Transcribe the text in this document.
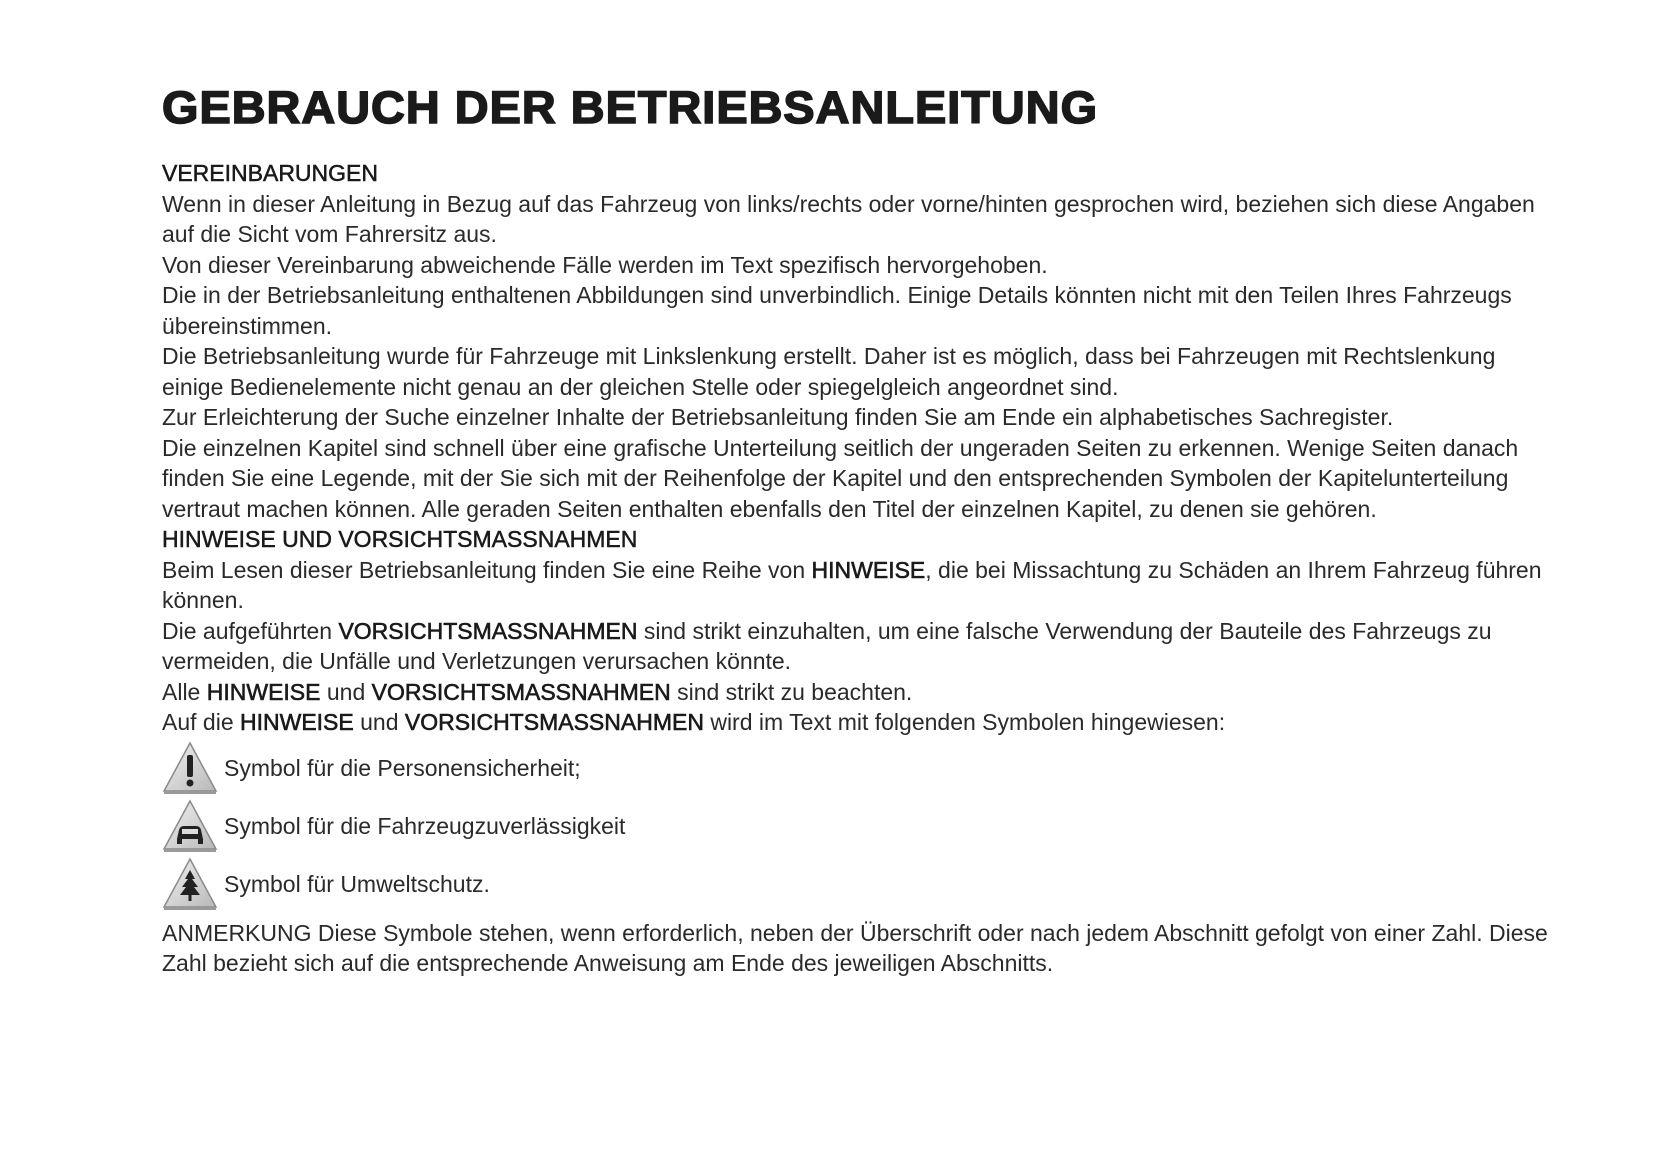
GEBRAUCH DER BETRIEBSANLEITUNG
VEREINBARUNGEN

Wenn in dieser Anleitung in Bezug auf das Fahrzeug von links/rechts oder vorne/hinten gesprochen wird, beziehen sich diese Angaben auf die Sicht vom Fahrersitz aus.

Von dieser Vereinbarung abweichende Fälle werden im Text spezifisch hervorgehoben.

Die in der Betriebsanleitung enthaltenen Abbildungen sind unverbindlich. Einige Details könnten nicht mit den Teilen Ihres Fahrzeugs übereinstimmen.

Die Betriebsanleitung wurde für Fahrzeuge mit Linkslenkung erstellt. Daher ist es möglich, dass bei Fahrzeugen mit Rechtslenkung einige Bedienelemente nicht genau an der gleichen Stelle oder spiegelgleich angeordnet sind.

Zur Erleichterung der Suche einzelner Inhalte der Betriebsanleitung finden Sie am Ende ein alphabetisches Sachregister.

Die einzelnen Kapitel sind schnell über eine grafische Unterteilung seitlich der ungeraden Seiten zu erkennen. Wenige Seiten danach finden Sie eine Legende, mit der Sie sich mit der Reihenfolge der Kapitel und den entsprechenden Symbolen der Kapitelunterteilung vertraut machen können. Alle geraden Seiten enthalten ebenfalls den Titel der einzelnen Kapitel, zu denen sie gehören.

HINWEISE UND VORSICHTSMASSNAHMEN

Beim Lesen dieser Betriebsanleitung finden Sie eine Reihe von HINWEISE, die bei Missachtung zu Schäden an Ihrem Fahrzeug führen können.

Die aufgeführten VORSICHTSMASSNAHMEN sind strikt einzuhalten, um eine falsche Verwendung der Bauteile des Fahrzeugs zu vermeiden, die Unfälle und Verletzungen verursachen könnte.

Alle HINWEISE und VORSICHTSMASSNAHMEN sind strikt zu beachten.

Auf die HINWEISE und VORSICHTSMASSNAHMEN wird im Text mit folgenden Symbolen hingewiesen:

Symbol für die Personensicherheit;
Symbol für die Fahrzeugzuverlässigkeit
Symbol für Umweltschutz.

ANMERKUNG Diese Symbole stehen, wenn erforderlich, neben der Überschrift oder nach jedem Abschnitt gefolgt von einer Zahl. Diese Zahl bezieht sich auf die entsprechende Anweisung am Ende des jeweiligen Abschnitts.
